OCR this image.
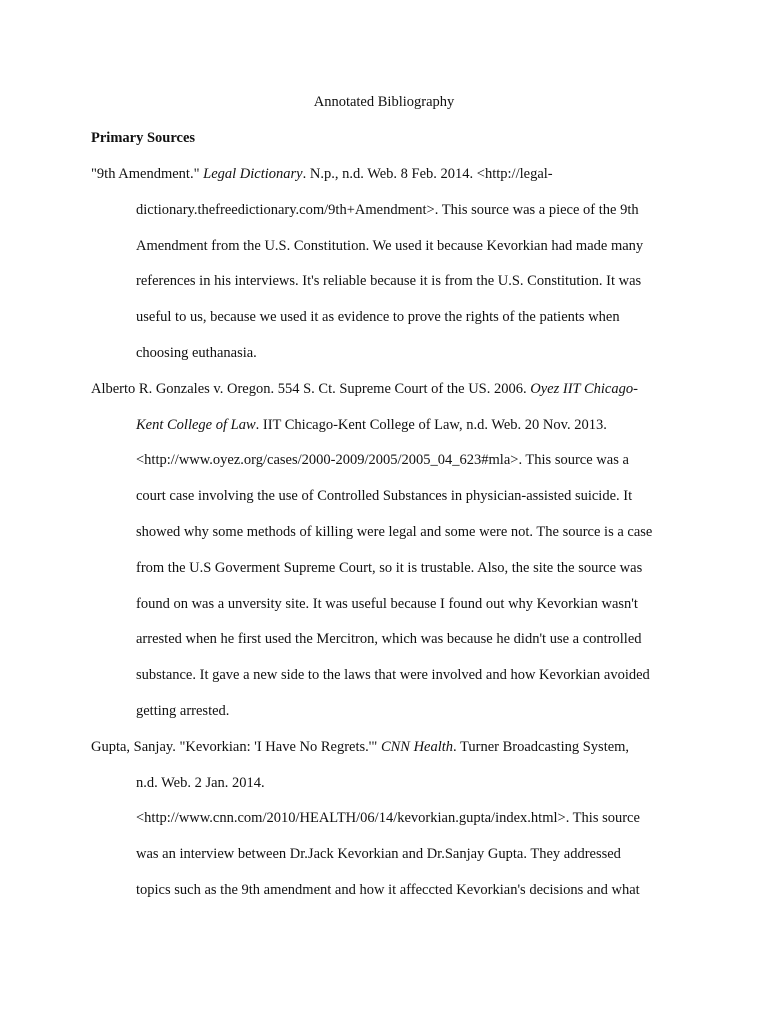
Annotated Bibliography
Primary Sources
"9th Amendment." Legal Dictionary. N.p., n.d. Web. 8 Feb. 2014. <http://legal-
dictionary.thefreedictionary.com/9th+Amendment>. This source was a piece of the 9th
Amendment from the U.S. Constitution. We used it because Kevorkian had made many
references in his interviews. It's reliable because it is from the U.S. Constitution. It was
useful to us, because we used it as evidence to prove the rights of the patients when
choosing euthanasia.
Alberto R. Gonzales v. Oregon. 554 S. Ct. Supreme Court of the US. 2006. Oyez IIT Chicago-
Kent College of Law. IIT Chicago-Kent College of Law, n.d. Web. 20 Nov. 2013.
<http://www.oyez.org/cases/2000-2009/2005/2005_04_623#mla>. This source was a
court case involving the use of Controlled Substances in physician-assisted suicide. It
showed why some methods of killing were legal and some were not. The source is a case
from the U.S Goverment Supreme Court, so it is trustable. Also, the site the source was
found on was a unversity site. It was useful because I found out why Kevorkian wasn't
arrested when he first used the Mercitron, which was because he didn't use a controlled
substance. It gave a new side to the laws that were involved and how Kevorkian avoided
getting arrested.
Gupta, Sanjay. "Kevorkian: 'I Have No Regrets.'" CNN Health. Turner Broadcasting System,
n.d. Web. 2 Jan. 2014.
<http://www.cnn.com/2010/HEALTH/06/14/kevorkian.gupta/index.html>. This source
was an interview between Dr.Jack Kevorkian and Dr.Sanjay Gupta. They addressed
topics such as the 9th amendment and how it affeccted Kevorkian's decisions and what
